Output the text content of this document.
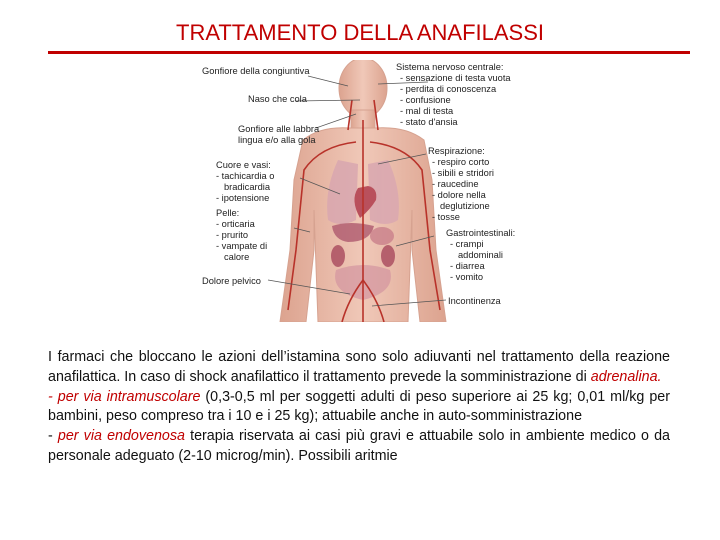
TRATTAMENTO DELLA ANAFILASSI
Gonfiore della congiuntiva
Naso che cola
Gonfiore alle labbra
lingua e/o alla gola
Cuore e vasi:
- tachicardia o
bradicardia
- ipotensione
Pelle:
- orticaria
- prurito
- vampate di
calore
Dolore pelvico
Sistema nervoso centrale:
- sensazione di testa vuota
- perdita di conoscenza
- confusione
- mal di testa
- stato d'ansia
Respirazione:
- respiro corto
- sibili e stridori
- raucedine
- dolore nella
deglutizione
- tosse
Gastrointestinali:
- crampi
addominali
- diarrea
- vomito
Incontinenza

I farmaci che bloccano le azioni dell’istamina sono solo adiuvanti nel trattamento della reazione anafilattica. In caso di shock anafilattico il trattamento prevede la somministrazione di adrenalina.

- per via intramuscolare (0,3-0,5 ml per soggetti adulti di peso superiore ai 25 kg; 0,01 ml/kg per bambini, peso compreso tra i 10 e i 25 kg); attuabile anche in auto-somministrazione

- per via endovenosa terapia riservata ai casi più gravi e attuabile solo in ambiente medico o da personale adeguato (2-10 microg/min). Possibili aritmie
